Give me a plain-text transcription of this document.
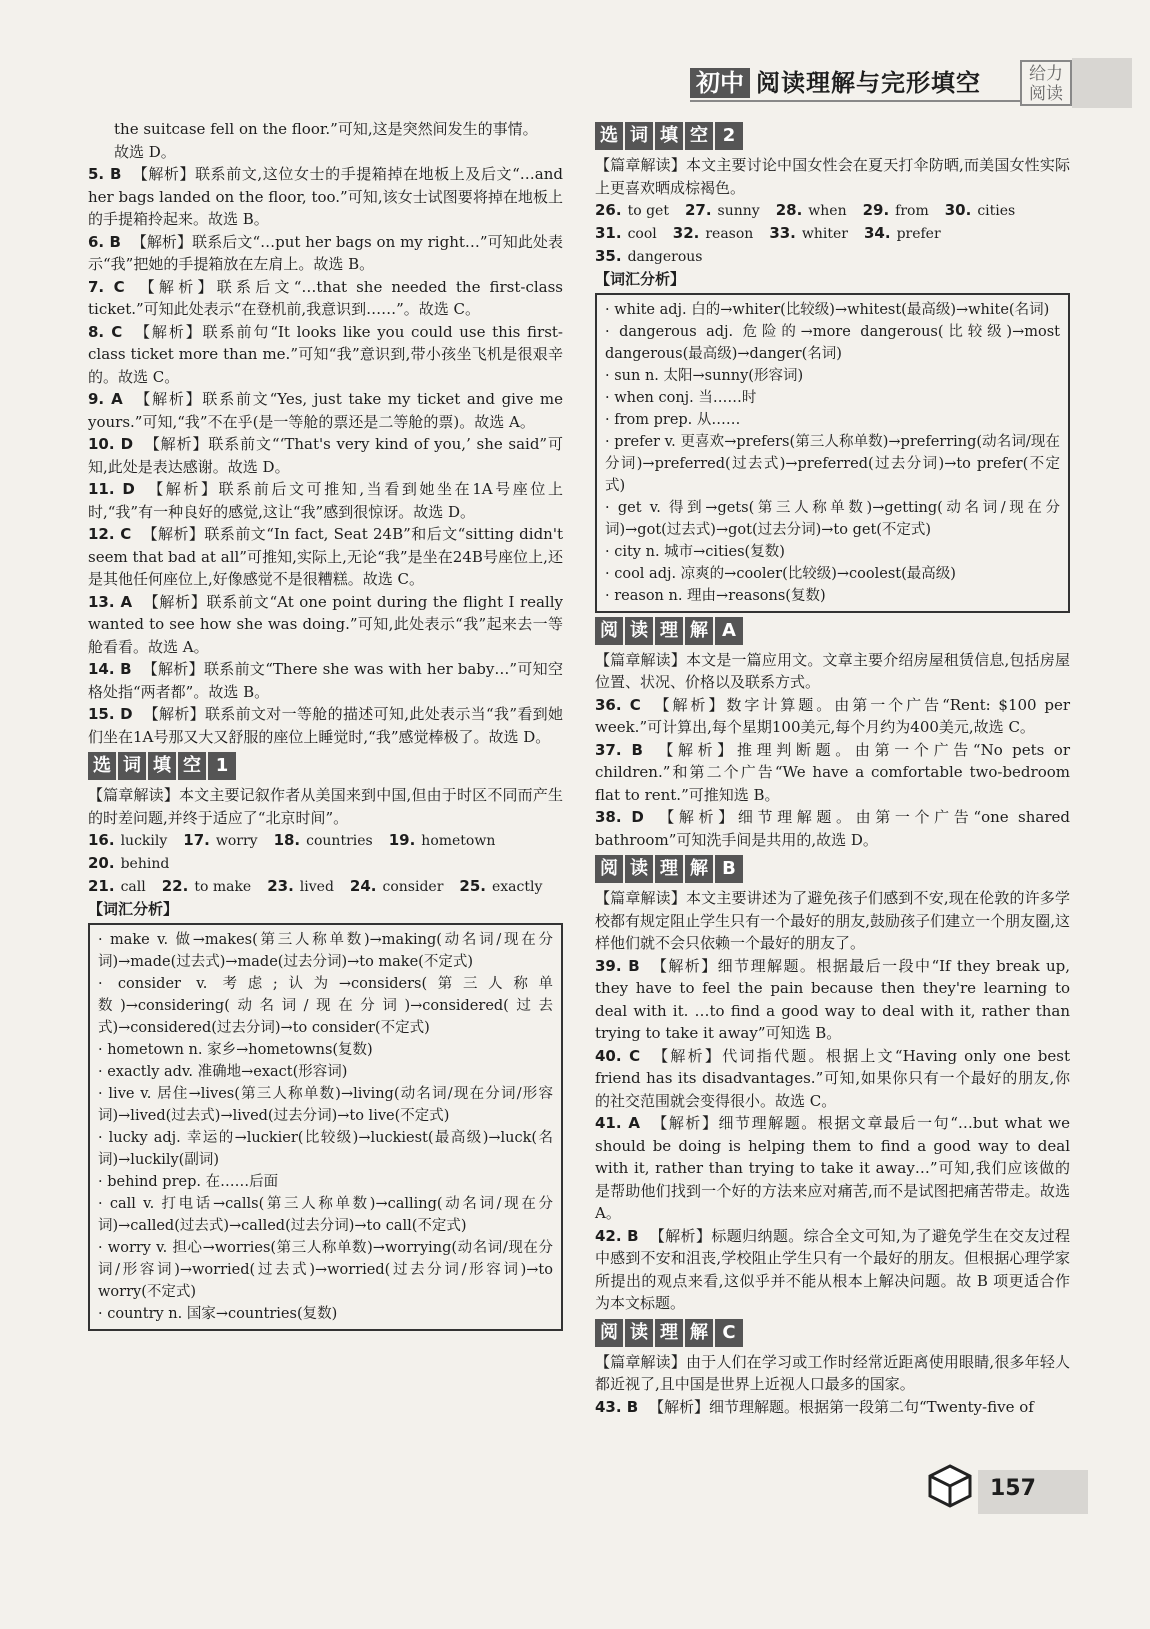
初中 阅读理解与完形填空	给力
阅读
the suitcase fell on the floor.”可知,这是突然间发生的事情。
故选 D。
5. B 【解析】联系前文,这位女士的手提箱掉在地板上及后文“…and her bags landed on the floor, too.”可知,该女士试图要将掉在地板上的手提箱拎起来。故选 B。
6. B 【解析】联系后文“…put her bags on my right…”可知此处表示“我”把她的手提箱放在左肩上。故选 B。
7. C 【解析】联系后文“…that she needed the first-class ticket.”可知此处表示“在登机前,我意识到……”。故选 C。
8. C 【解析】联系前句“It looks like you could use this first-class ticket more than me.”可知“我”意识到,带小孩坐飞机是很艰辛的。故选 C。
9. A 【解析】联系前文“Yes, just take my ticket and give me yours.”可知,“我”不在乎(是一等舱的票还是二等舱的票)。故选 A。
10. D 【解析】联系前文“‘That's very kind of you,’ she said”可知,此处是表达感谢。故选 D。
11. D 【解析】联系前后文可推知,当看到她坐在1A号座位上时,“我”有一种良好的感觉,这让“我”感到很惊讶。故选 D。
12. C 【解析】联系前文“In fact, Seat 24B”和后文“sitting didn't seem that bad at all”可推知,实际上,无论“我”是坐在24B号座位上,还是其他任何座位上,好像感觉不是很糟糕。故选 C。
13. A 【解析】联系前文“At one point during the flight I really wanted to see how she was doing.”可知,此处表示“我”起来去一等舱看看。故选 A。
14. B 【解析】联系前文“There she was with her baby…”可知空格处指“两者都”。故选 B。
15. D 【解析】联系前文对一等舱的描述可知,此处表示当“我”看到她们坐在1A号那又大又舒服的座位上睡觉时,“我”感觉棒极了。故选 D。
选 词 填 空 1
【篇章解读】本文主要记叙作者从美国来到中国,但由于时区不同而产生的时差问题,并终于适应了“北京时间”。
16. luckily 17. worry 18. countries 19. hometown
20. behind
21. call 22. to make 23. lived 24. consider 25. exactly
【词汇分析】
· make v. 做→makes(第三人称单数)→making(动名词/现在分词)→made(过去式)→made(过去分词)→to make(不定式)
· consider v. 考虑;认为→considers(第三人称单数)→considering(动名词/现在分词)→considered(过去式)→considered(过去分词)→to consider(不定式)
· hometown n. 家乡→hometowns(复数)
· exactly adv. 准确地→exact(形容词)
· live v. 居住→lives(第三人称单数)→living(动名词/现在分词/形容词)→lived(过去式)→lived(过去分词)→to live(不定式)
· lucky adj. 幸运的→luckier(比较级)→luckiest(最高级)→luck(名词)→luckily(副词)
· behind prep. 在……后面
· call v. 打电话→calls(第三人称单数)→calling(动名词/现在分词)→called(过去式)→called(过去分词)→to call(不定式)
· worry v. 担心→worries(第三人称单数)→worrying(动名词/现在分词/形容词)→worried(过去式)→worried(过去分词/形容词)→to worry(不定式)
· country n. 国家→countries(复数)
选 词 填 空 2
【篇章解读】本文主要讨论中国女性会在夏天打伞防晒,而美国女性实际上更喜欢晒成棕褐色。
26. to get 27. sunny 28. when 29. from 30. cities
31. cool 32. reason 33. whiter 34. prefer
35. dangerous
【词汇分析】
· white adj. 白的→whiter(比较级)→whitest(最高级)→white(名词)
· dangerous adj. 危险的→more dangerous(比较级)→most dangerous(最高级)→danger(名词)
· sun n. 太阳→sunny(形容词)
· when conj. 当……时
· from prep. 从……
· prefer v. 更喜欢→prefers(第三人称单数)→preferring(动名词/现在分词)→preferred(过去式)→preferred(过去分词)→to prefer(不定式)
· get v. 得到→gets(第三人称单数)→getting(动名词/现在分词)→got(过去式)→got(过去分词)→to get(不定式)
· city n. 城市→cities(复数)
· cool adj. 凉爽的→cooler(比较级)→coolest(最高级)
· reason n. 理由→reasons(复数)
阅 读 理 解 A
【篇章解读】本文是一篇应用文。文章主要介绍房屋租赁信息,包括房屋位置、状况、价格以及联系方式。
36. C 【解析】数字计算题。由第一个广告“Rent: $100 per week.”可计算出,每个星期100美元,每个月约为400美元,故选 C。
37. B 【解析】推理判断题。由第一个广告“No pets or children.”和第二个广告“We have a comfortable two-bedroom flat to rent.”可推知选 B。
38. D 【解析】细节理解题。由第一个广告“one shared bathroom”可知洗手间是共用的,故选 D。
阅 读 理 解 B
【篇章解读】本文主要讲述为了避免孩子们感到不安,现在伦敦的许多学校都有规定阻止学生只有一个最好的朋友,鼓励孩子们建立一个朋友圈,这样他们就不会只依赖一个最好的朋友了。
39. B 【解析】细节理解题。根据最后一段中“If they break up, they have to feel the pain because then they're learning to deal with it. …to find a good way to deal with it, rather than trying to take it away”可知选 B。
40. C 【解析】代词指代题。根据上文“Having only one best friend has its disadvantages.”可知,如果你只有一个最好的朋友,你的社交范围就会变得很小。故选 C。
41. A 【解析】细节理解题。根据文章最后一句“…but what we should be doing is helping them to find a good way to deal with it, rather than trying to take it away…”可知,我们应该做的是帮助他们找到一个好的方法来应对痛苦,而不是试图把痛苦带走。故选 A。
42. B 【解析】标题归纳题。综合全文可知,为了避免学生在交友过程中感到不安和沮丧,学校阻止学生只有一个最好的朋友。但根据心理学家所提出的观点来看,这似乎并不能从根本上解决问题。故 B 项更适合作为本文标题。
阅 读 理 解 C
【篇章解读】由于人们在学习或工作时经常近距离使用眼睛,很多年轻人都近视了,且中国是世界上近视人口最多的国家。
43. B 【解析】细节理解题。根据第一段第二句“Twenty-five of
157
